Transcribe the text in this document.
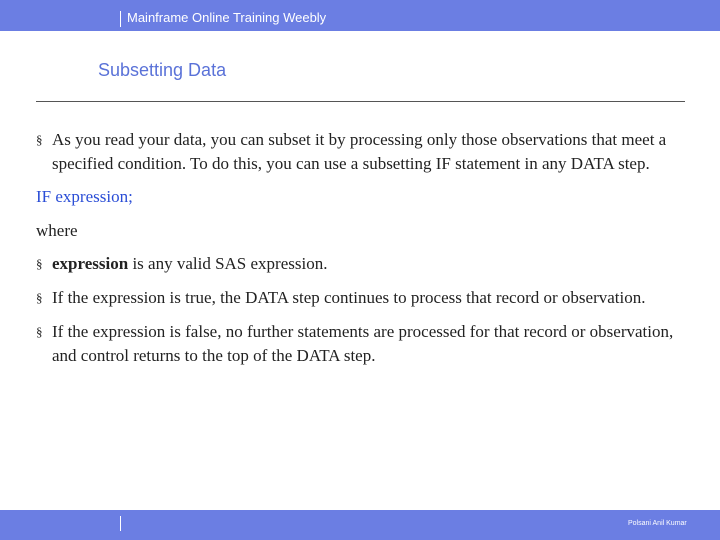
Mainframe Online Training Weebly
Subsetting Data

§ As you read your data, you can subset it by processing only those observations that meet a specified condition. To do this, you can use a subsetting IF statement in any DATA step.

IF expression;

where

§ expression is any valid SAS expression.

§ If the expression is true, the DATA step continues to process that record or observation.

§ If the expression is false, no further statements are processed for that record or observation, and control returns to the top of the DATA step.

Polsani Anil Kumar
